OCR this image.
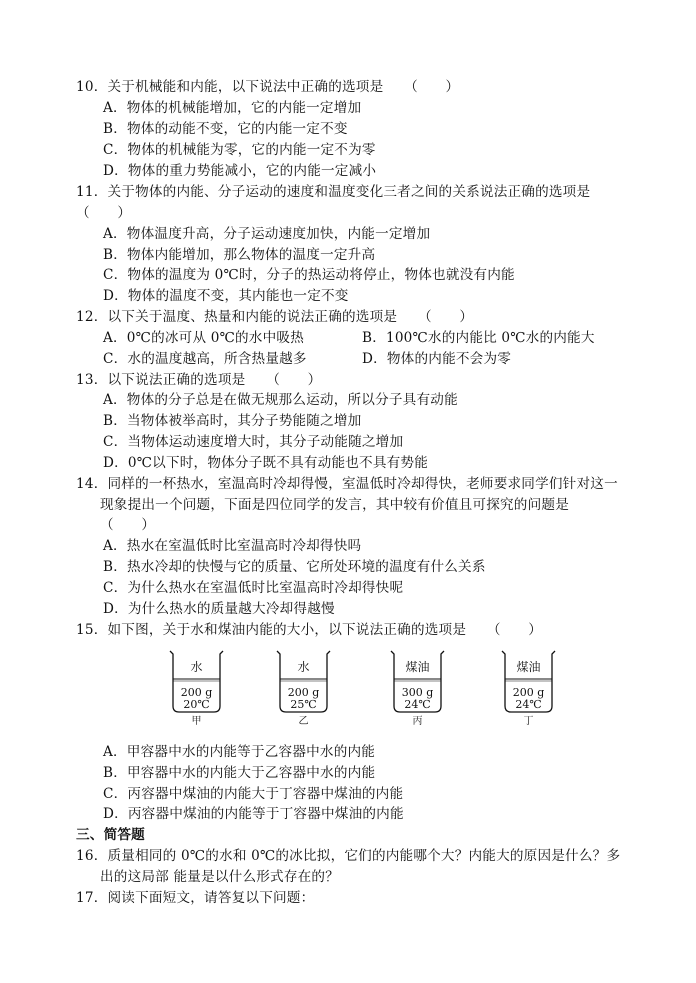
10．关于机械能和内能，以下说法中正确的选项是　　（　　）
A．物体的机械能增加，它的内能一定增加
B．物体的动能不变，它的内能一定不变
C．物体的机械能为零，它的内能一定不为零
D．物体的重力势能减小，它的内能一定减小
11．关于物体的内能、分子运动的速度和温度变化三者之间的关系说法正确的选项是
（　　）
A．物体温度升高，分子运动速度加快，内能一定增加
B．物体内能增加，那么物体的温度一定升高
C．物体的温度为 0℃时，分子的热运动将停止，物体也就没有内能
D．物体的温度不变，其内能也一定不变
12．以下关于温度、热量和内能的说法正确的选项是　　（　　）
A．0℃的冰可从 0℃的水中吸热	B．100℃水的内能比 0℃水的内能大
C．水的温度越高，所含热量越多	D．物体的内能不会为零
13．以下说法正确的选项是　　（　　）
A．物体的分子总是在做无规那么运动，所以分子具有动能
B．当物体被举高时，其分子势能随之增加
C．当物体运动速度增大时，其分子动能随之增加
D．0℃以下时，物体分子既不具有动能也不具有势能
14．同样的一杯热水，室温高时冷却得慢，室温低时冷却得快，老师要求同学们针对这一
现象提出一个问题，下面是四位同学的发言，其中较有价值且可探究的问题是
（　　）
A．热水在室温低时比室温高时冷却得快吗
B．热水冷却的快慢与它的质量、它所处环境的温度有什么关系
C．为什么热水在室温低时比室温高时冷却得快呢
D．为什么热水的质量越大冷却得越慢
15．如下图，关于水和煤油内能的大小，以下说法正确的选项是　　（　　）
水
200 g
20℃
甲
水
200 g
25℃
乙
煤油
300 g
24℃
丙
煤油
200 g
24℃
丁
A．甲容器中水的内能等于乙容器中水的内能
B．甲容器中水的内能大于乙容器中水的内能
C．丙容器中煤油的内能大于丁容器中煤油的内能
D．丙容器中煤油的内能等于丁容器中煤油的内能
三、简答题
16．质量相同的 0℃的水和 0℃的冰比拟，它们的内能哪个大？内能大的原因是什么？多
出的这局部 能量是以什么形式存在的？
17．阅读下面短文，请答复以下问题：
